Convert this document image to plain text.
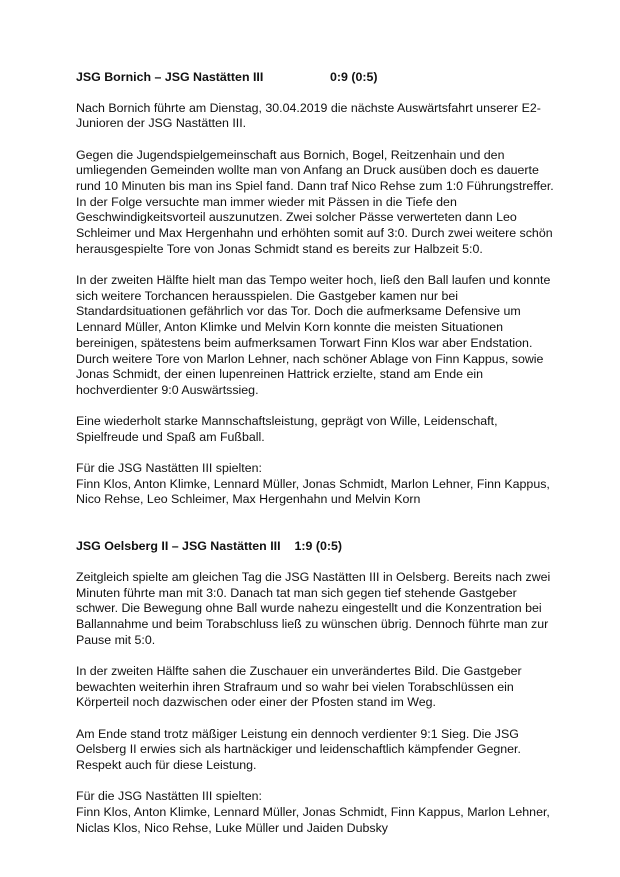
JSG Bornich – JSG Nastätten III	0:9 (0:5)

Nach Bornich führte am Dienstag, 30.04.2019 die nächste Auswärtsfahrt unserer E2-Junioren der JSG Nastätten III.

Gegen die Jugendspielgemeinschaft aus Bornich, Bogel, Reitzenhain und den umliegenden Gemeinden wollte man von Anfang an Druck ausüben doch es dauerte rund 10 Minuten bis man ins Spiel fand. Dann traf Nico Rehse zum 1:0 Führungstreffer. In der Folge versuchte man immer wieder mit Pässen in die Tiefe den Geschwindigkeitsvorteil auszunutzen. Zwei solcher Pässe verwerteten dann Leo Schleimer und Max Hergenhahn und erhöhten somit auf 3:0. Durch zwei weitere schön herausgespielte Tore von Jonas Schmidt stand es bereits zur Halbzeit 5:0.

In der zweiten Hälfte hielt man das Tempo weiter hoch, ließ den Ball laufen und konnte sich weitere Torchancen herausspielen. Die Gastgeber kamen nur bei Standardsituationen gefährlich vor das Tor. Doch die aufmerksame Defensive um Lennard Müller, Anton Klimke und Melvin Korn konnte die meisten Situationen bereinigen, spätestens beim aufmerksamen Torwart Finn Klos war aber Endstation. Durch weitere Tore von Marlon Lehner, nach schöner Ablage von Finn Kappus, sowie Jonas Schmidt, der einen lupenreinen Hattrick erzielte, stand am Ende ein hochverdienter 9:0 Auswärtssieg.

Eine wiederholt starke Mannschaftsleistung, geprägt von Wille, Leidenschaft, Spielfreude und Spaß am Fußball.

Für die JSG Nastätten III spielten:

Finn Klos, Anton Klimke, Lennard Müller, Jonas Schmidt, Marlon Lehner, Finn Kappus, Nico Rehse, Leo Schleimer, Max Hergenhahn und Melvin Korn

JSG Oelsberg II – JSG Nastätten III 1:9 (0:5)

Zeitgleich spielte am gleichen Tag die JSG Nastätten III in Oelsberg. Bereits nach zwei Minuten führte man mit 3:0. Danach tat man sich gegen tief stehende Gastgeber schwer. Die Bewegung ohne Ball wurde nahezu eingestellt und die Konzentration bei Ballannahme und beim Torabschluss ließ zu wünschen übrig. Dennoch führte man zur Pause mit 5:0.

In der zweiten Hälfte sahen die Zuschauer ein unverändertes Bild. Die Gastgeber bewachten weiterhin ihren Strafraum und so wahr bei vielen Torabschlüssen ein Körperteil noch dazwischen oder einer der Pfosten stand im Weg.

Am Ende stand trotz mäßiger Leistung ein dennoch verdienter 9:1 Sieg. Die JSG Oelsberg II erwies sich als hartnäckiger und leidenschaftlich kämpfender Gegner. Respekt auch für diese Leistung.

Für die JSG Nastätten III spielten:

Finn Klos, Anton Klimke, Lennard Müller, Jonas Schmidt, Finn Kappus, Marlon Lehner, Niclas Klos, Nico Rehse, Luke Müller und Jaiden Dubsky
